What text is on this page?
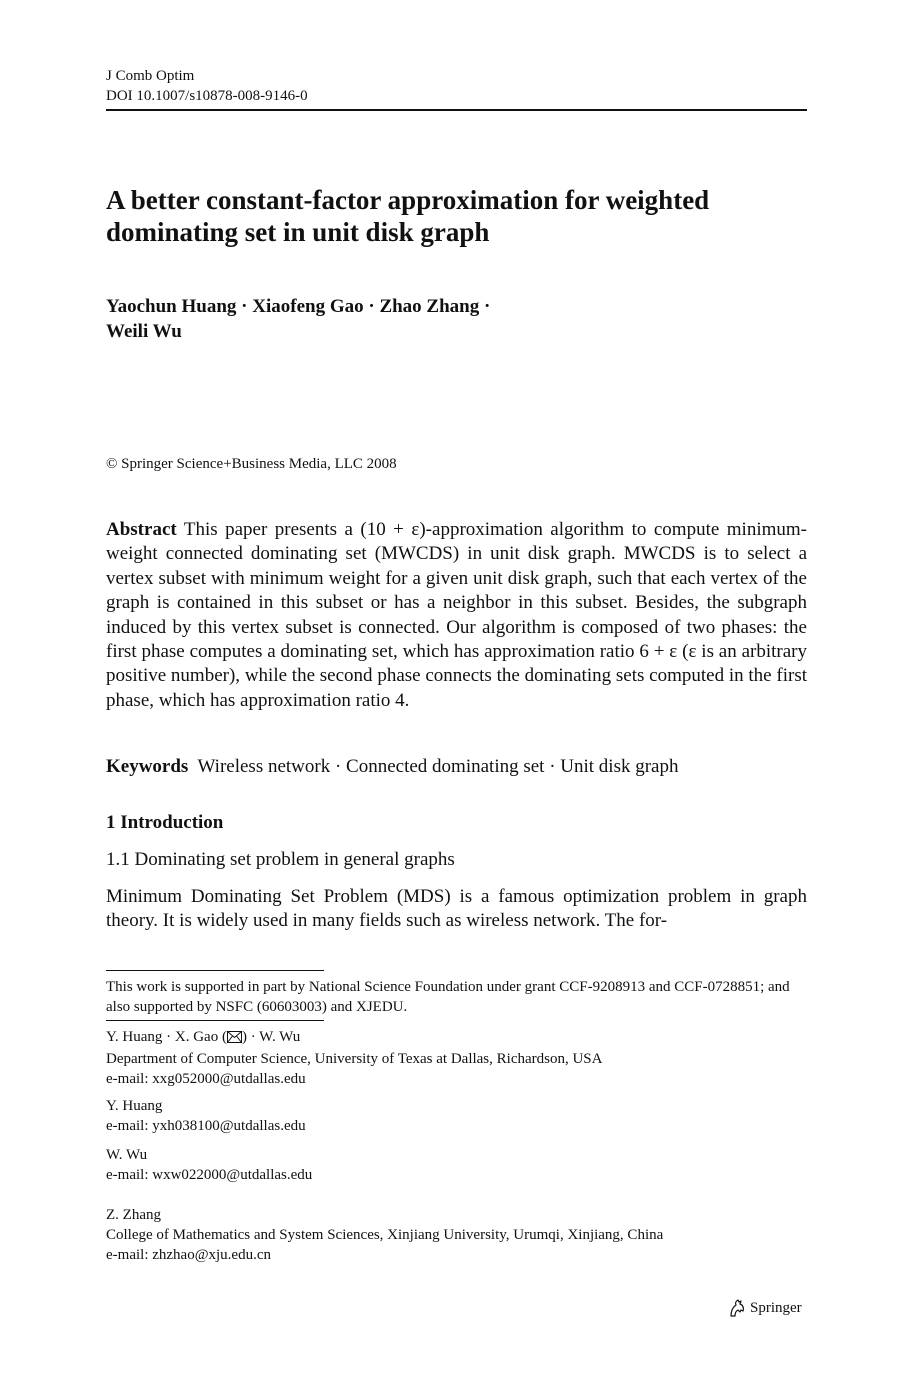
J Comb Optim
DOI 10.1007/s10878-008-9146-0
A better constant-factor approximation for weighted
dominating set in unit disk graph
Yaochun Huang · Xiaofeng Gao · Zhao Zhang ·
Weili Wu
© Springer Science+Business Media, LLC 2008
Abstract This paper presents a (10 + ε)-approximation algorithm to compute minimum-weight connected dominating set (MWCDS) in unit disk graph. MWCDS is to select a vertex subset with minimum weight for a given unit disk graph, such that each vertex of the graph is contained in this subset or has a neighbor in this subset. Besides, the subgraph induced by this vertex subset is connected. Our algorithm is composed of two phases: the first phase computes a dominating set, which has approximation ratio 6 + ε (ε is an arbitrary positive number), while the second phase connects the dominating sets computed in the first phase, which has approximation ratio 4.
Keywords Wireless network · Connected dominating set · Unit disk graph
1 Introduction
1.1 Dominating set problem in general graphs
Minimum Dominating Set Problem (MDS) is a famous optimization problem in graph theory. It is widely used in many fields such as wireless network. The for-
This work is supported in part by National Science Foundation under grant CCF-9208913 and CCF-0728851; and also supported by NSFC (60603003) and XJEDU.
Y. Huang · X. Gao ( ) · W. Wu
Department of Computer Science, University of Texas at Dallas, Richardson, USA
e-mail: xxg052000@utdallas.edu
Y. Huang
e-mail: yxh038100@utdallas.edu
W. Wu
e-mail: wxw022000@utdallas.edu
Z. Zhang
College of Mathematics and System Sciences, Xinjiang University, Urumqi, Xinjiang, China
e-mail: zhzhao@xju.edu.cn
Springer
